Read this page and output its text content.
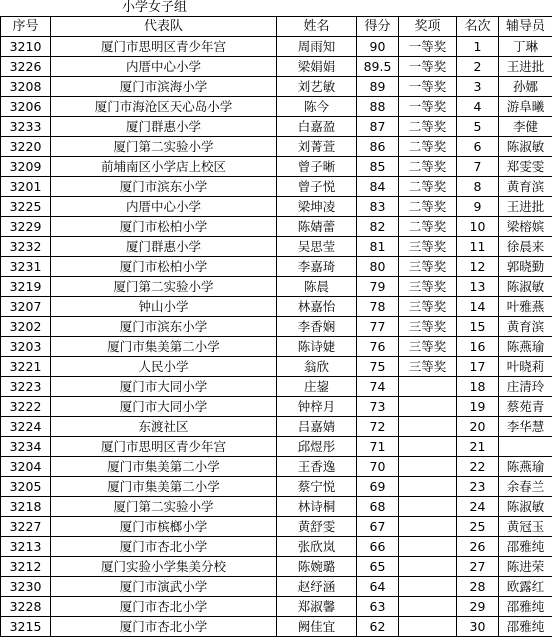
小学女子组
序号	代表队	姓名	得分	奖项	名次	辅导员
3210	厦门市思明区青少年宫	周雨知	90	一等奖	1	丁琳
3226	内厝中心小学	梁娟娟	89.5	一等奖	2	王进批
3208	厦门市滨海小学	刘艺敏	89	一等奖	3	孙娜
3206	厦门市海沧区天心岛小学	陈今	88	一等奖	4	游阜曦
3233	厦门群惠小学	白嘉盈	87	二等奖	5	李健
3220	厦门第二实验小学	刘菁萱	86	二等奖	6	陈淑敏
3209	前埔南区小学店上校区	曾子晰	85	二等奖	7	郑雯雯
3201	厦门市滨东小学	曾子悦	84	二等奖	8	黄育滨
3225	内厝中心小学	梁坤凌	83	二等奖	9	王进批
3229	厦门市松柏小学	陈婧蕾	82	二等奖	10	梁榕嫔
3232	厦门群惠小学	吴思莹	81	三等奖	11	徐晨来
3231	厦门市松柏小学	李嘉琦	80	三等奖	12	郭晓勤
3219	厦门第二实验小学	陈晨	79	三等奖	13	陈淑敏
3207	钟山小学	林嘉怡	78	三等奖	14	叶雅燕
3202	厦门市滨东小学	李香娴	77	三等奖	15	黄育滨
3203	厦门市集美第二小学	陈诗婕	76	三等奖	16	陈燕瑜
3221	人民小学	翁欣	75	三等奖	17	叶晓莉
3223	厦门市大同小学	庄鋆	74		18	庄清玲
3222	厦门市大同小学	钟梓月	73		19	蔡苑青
3224	东渡社区	吕嘉婧	72		20	李华慧
3234	厦门市思明区青少年宫	邱煜彤	71		21	
3204	厦门市集美第二小学	王香逸	70		22	陈燕瑜
3205	厦门市集美第二小学	蔡宁悦	69		23	余春兰
3218	厦门第二实验小学	林诗桐	68		24	陈淑敏
3227	厦门市槟榔小学	黄舒雯	67		25	黄冠玉
3213	厦门市杏北小学	张欣岚	66		26	邵雅纯
3212	厦门实验小学集美分校	陈婉璐	65		27	陈进荣
3230	厦门市演武小学	赵纾涵	64		28	欧露红
3228	厦门市杏北小学	郑淑馨	63		29	邵雅纯
3215	厦门市杏北小学	阙佳宜	62		30	邵雅纯
